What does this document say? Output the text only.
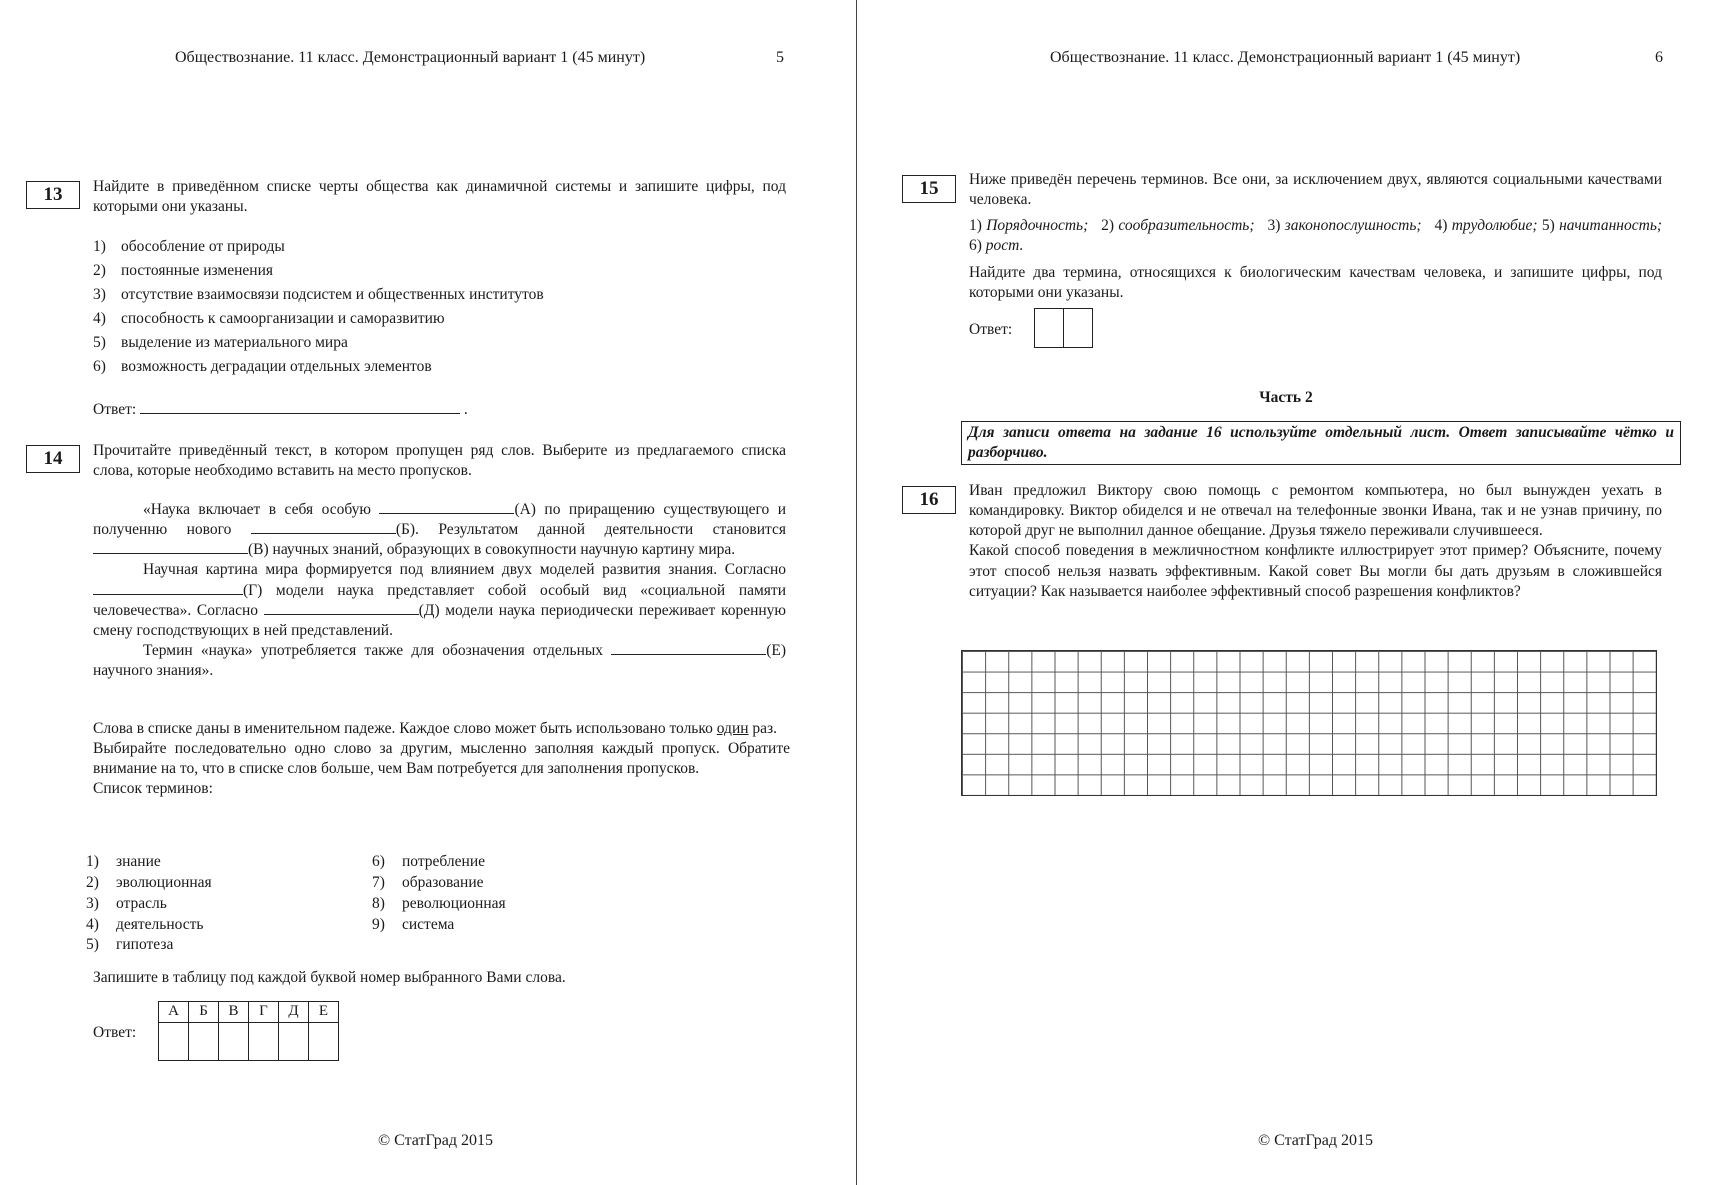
Обществознание. 11 класс. Демонстрационный вариант 1 (45 минут)	5
13	Найдите в приведённом списке черты общества как динамичной системы и запишите цифры, под которыми они указаны.
1) обособление от природы
2) постоянные изменения
3) отсутствие взаимосвязи подсистем и общественных институтов
4) способность к самоорганизации и саморазвитию
5) выделение из материального мира
6) возможность деградации отдельных элементов
Ответ:	.
14	Прочитайте приведённый текст, в котором пропущен ряд слов. Выберите из предлагаемого списка слова, которые необходимо вставить на место пропусков.

«Наука включает в себя особую	(А) по приращению существующего и полученню нового	(Б). Результатом данной деятельности становится (В) научных знаний, образующих в совокупности научную картину мира.

Научная картина мира формируется под влиянием двух моделей развития знания. Согласно (Г) модели наука представляет собой особый вид «социальной памяти человечества». Согласно	(Д) модели наука периодически переживает коренную смену господствующих в ней представлений.

Термин «наука» употребляется также для обозначения отдельных	(Е) научного знания».

Слова в списке даны в именительном падеже. Каждое слово может быть использовано только один раз.

Выбирайте последовательно одно слово за другим, мысленно заполняя каждый пропуск. Обратите внимание на то, что в списке слов больше, чем Вам потребуется для заполнения пропусков.

Список терминов:

1) знание
2) эволюционная
3) отрасль
4) деятельность
5) гипотеза
6) потребление
7) образование
8) революционная
9) система
Запишите в таблицу под каждой буквой номер выбранного Вами слова.
Ответ:
А	Б	В	Г	Д	Е

© СтатГрад 2015
Обществознание. 11 класс. Демонстрационный вариант 1 (45 минут)	6
15	Ниже приведён перечень терминов. Все они, за исключением двух, являются социальными качествами человека.
1) Порядочность;   2) сообразительность;   3) законопослушность;   4) трудолюбие; 5) начитанность; 6) рост.
Найдите два термина, относящихся к биологическим качествам человека, и запишите цифры, под которыми они указаны.
Ответ:
Часть 2
Для записи ответа на задание 16 используйте отдельный лист. Ответ записывайте чётко и разборчиво.
16	Иван предложил Виктору свою помощь с ремонтом компьютера, но был вынужден уехать в командировку. Виктор обиделся и не отвечал на телефонные звонки Ивана, так и не узнав причину, по которой друг не выполнил данное обещание. Друзья тяжело переживали случившееся.

Какой способ поведения в межличностном конфликте иллюстрирует этот пример? Объясните, почему этот способ нельзя назвать эффективным. Какой совет Вы могли бы дать друзьям в сложившейся ситуации? Как называется наиболее эффективный способ разрешения конфликтов?

© СтатГрад 2015
